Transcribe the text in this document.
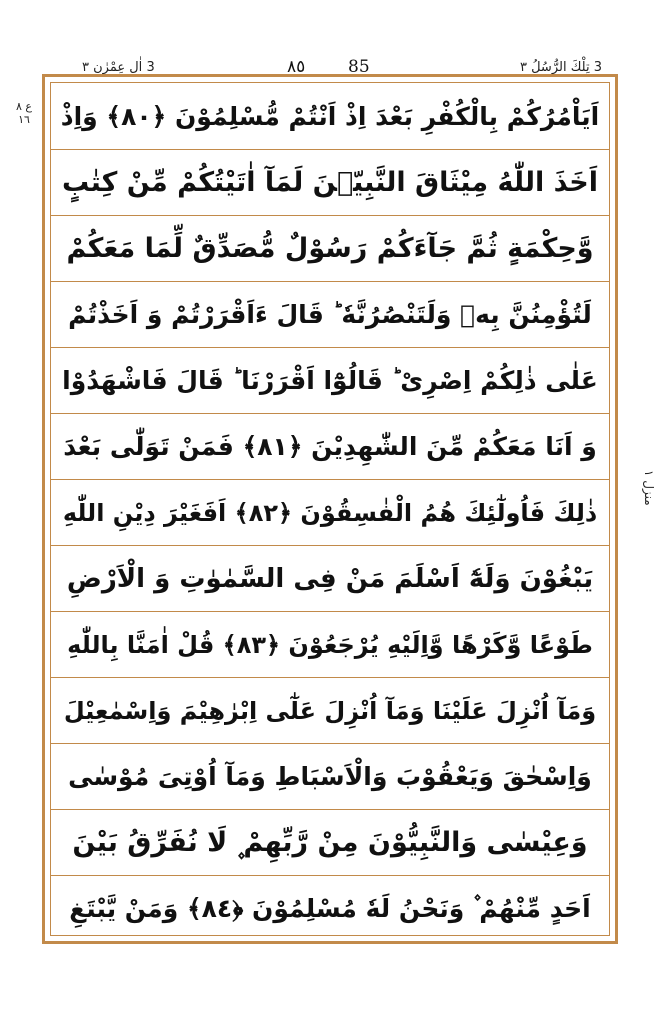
3 اٰلِ عِمْرٰن ٣	٨٥	85	3 تِلْكَ الرُّسُلُ ٣
ع ٨ ١٦
منزل ١
اَيَاْمُرُكُمْ بِالْكُفْرِ بَعْدَ اِذْ اَنْتُمْ مُّسْلِمُوْنَ ﴿٨٠﴾ وَاِذْ
اَخَذَ اللّٰهُ مِيْثَاقَ النَّبِيّٖنَ لَمَآ اٰتَيْتُكُمْ مِّنْ كِتٰبٍ
وَّحِكْمَةٍ ثُمَّ جَآءَكُمْ رَسُوْلٌ مُّصَدِّقٌ لِّمَا مَعَكُمْ
لَتُؤْمِنُنَّ بِهٖ وَلَتَنْصُرُنَّهٗ ؕ قَالَ ءَاَقْرَرْتُمْ وَ اَخَذْتُمْ
عَلٰى ذٰلِكُمْ اِصْرِیْ ؕ قَالُوْٓا اَقْرَرْنَا ؕ قَالَ فَاشْهَدُوْا
وَ اَنَا مَعَكُمْ مِّنَ الشّٰهِدِيْنَ ﴿٨١﴾ فَمَنْ تَوَلّٰى بَعْدَ
ذٰلِكَ فَاُولٰٓئِكَ هُمُ الْفٰسِقُوْنَ ﴿٨٢﴾ اَفَغَيْرَ دِيْنِ اللّٰهِ
يَبْغُوْنَ وَلَهٗٓ اَسْلَمَ مَنْ فِى السَّمٰوٰتِ وَ الْاَرْضِ
طَوْعًا وَّكَرْهًا وَّاِلَيْهِ يُرْجَعُوْنَ ﴿٨٣﴾ قُلْ اٰمَنَّا بِاللّٰهِ
وَمَآ اُنْزِلَ عَلَيْنَا وَمَآ اُنْزِلَ عَلٰٓى اِبْرٰهِيْمَ وَاِسْمٰعِيْلَ
وَاِسْحٰقَ وَيَعْقُوْبَ وَالْاَسْبَاطِ وَمَآ اُوْتِىَ مُوْسٰى
وَعِيْسٰى وَالنَّبِيُّوْنَ مِنْ رَّبِّهِمْ ۪ لَا نُفَرِّقُ بَيْنَ
اَحَدٍ مِّنْهُمْ ۫ وَنَحْنُ لَهٗ مُسْلِمُوْنَ ﴿٨٤﴾ وَمَنْ يَّبْتَغِ
